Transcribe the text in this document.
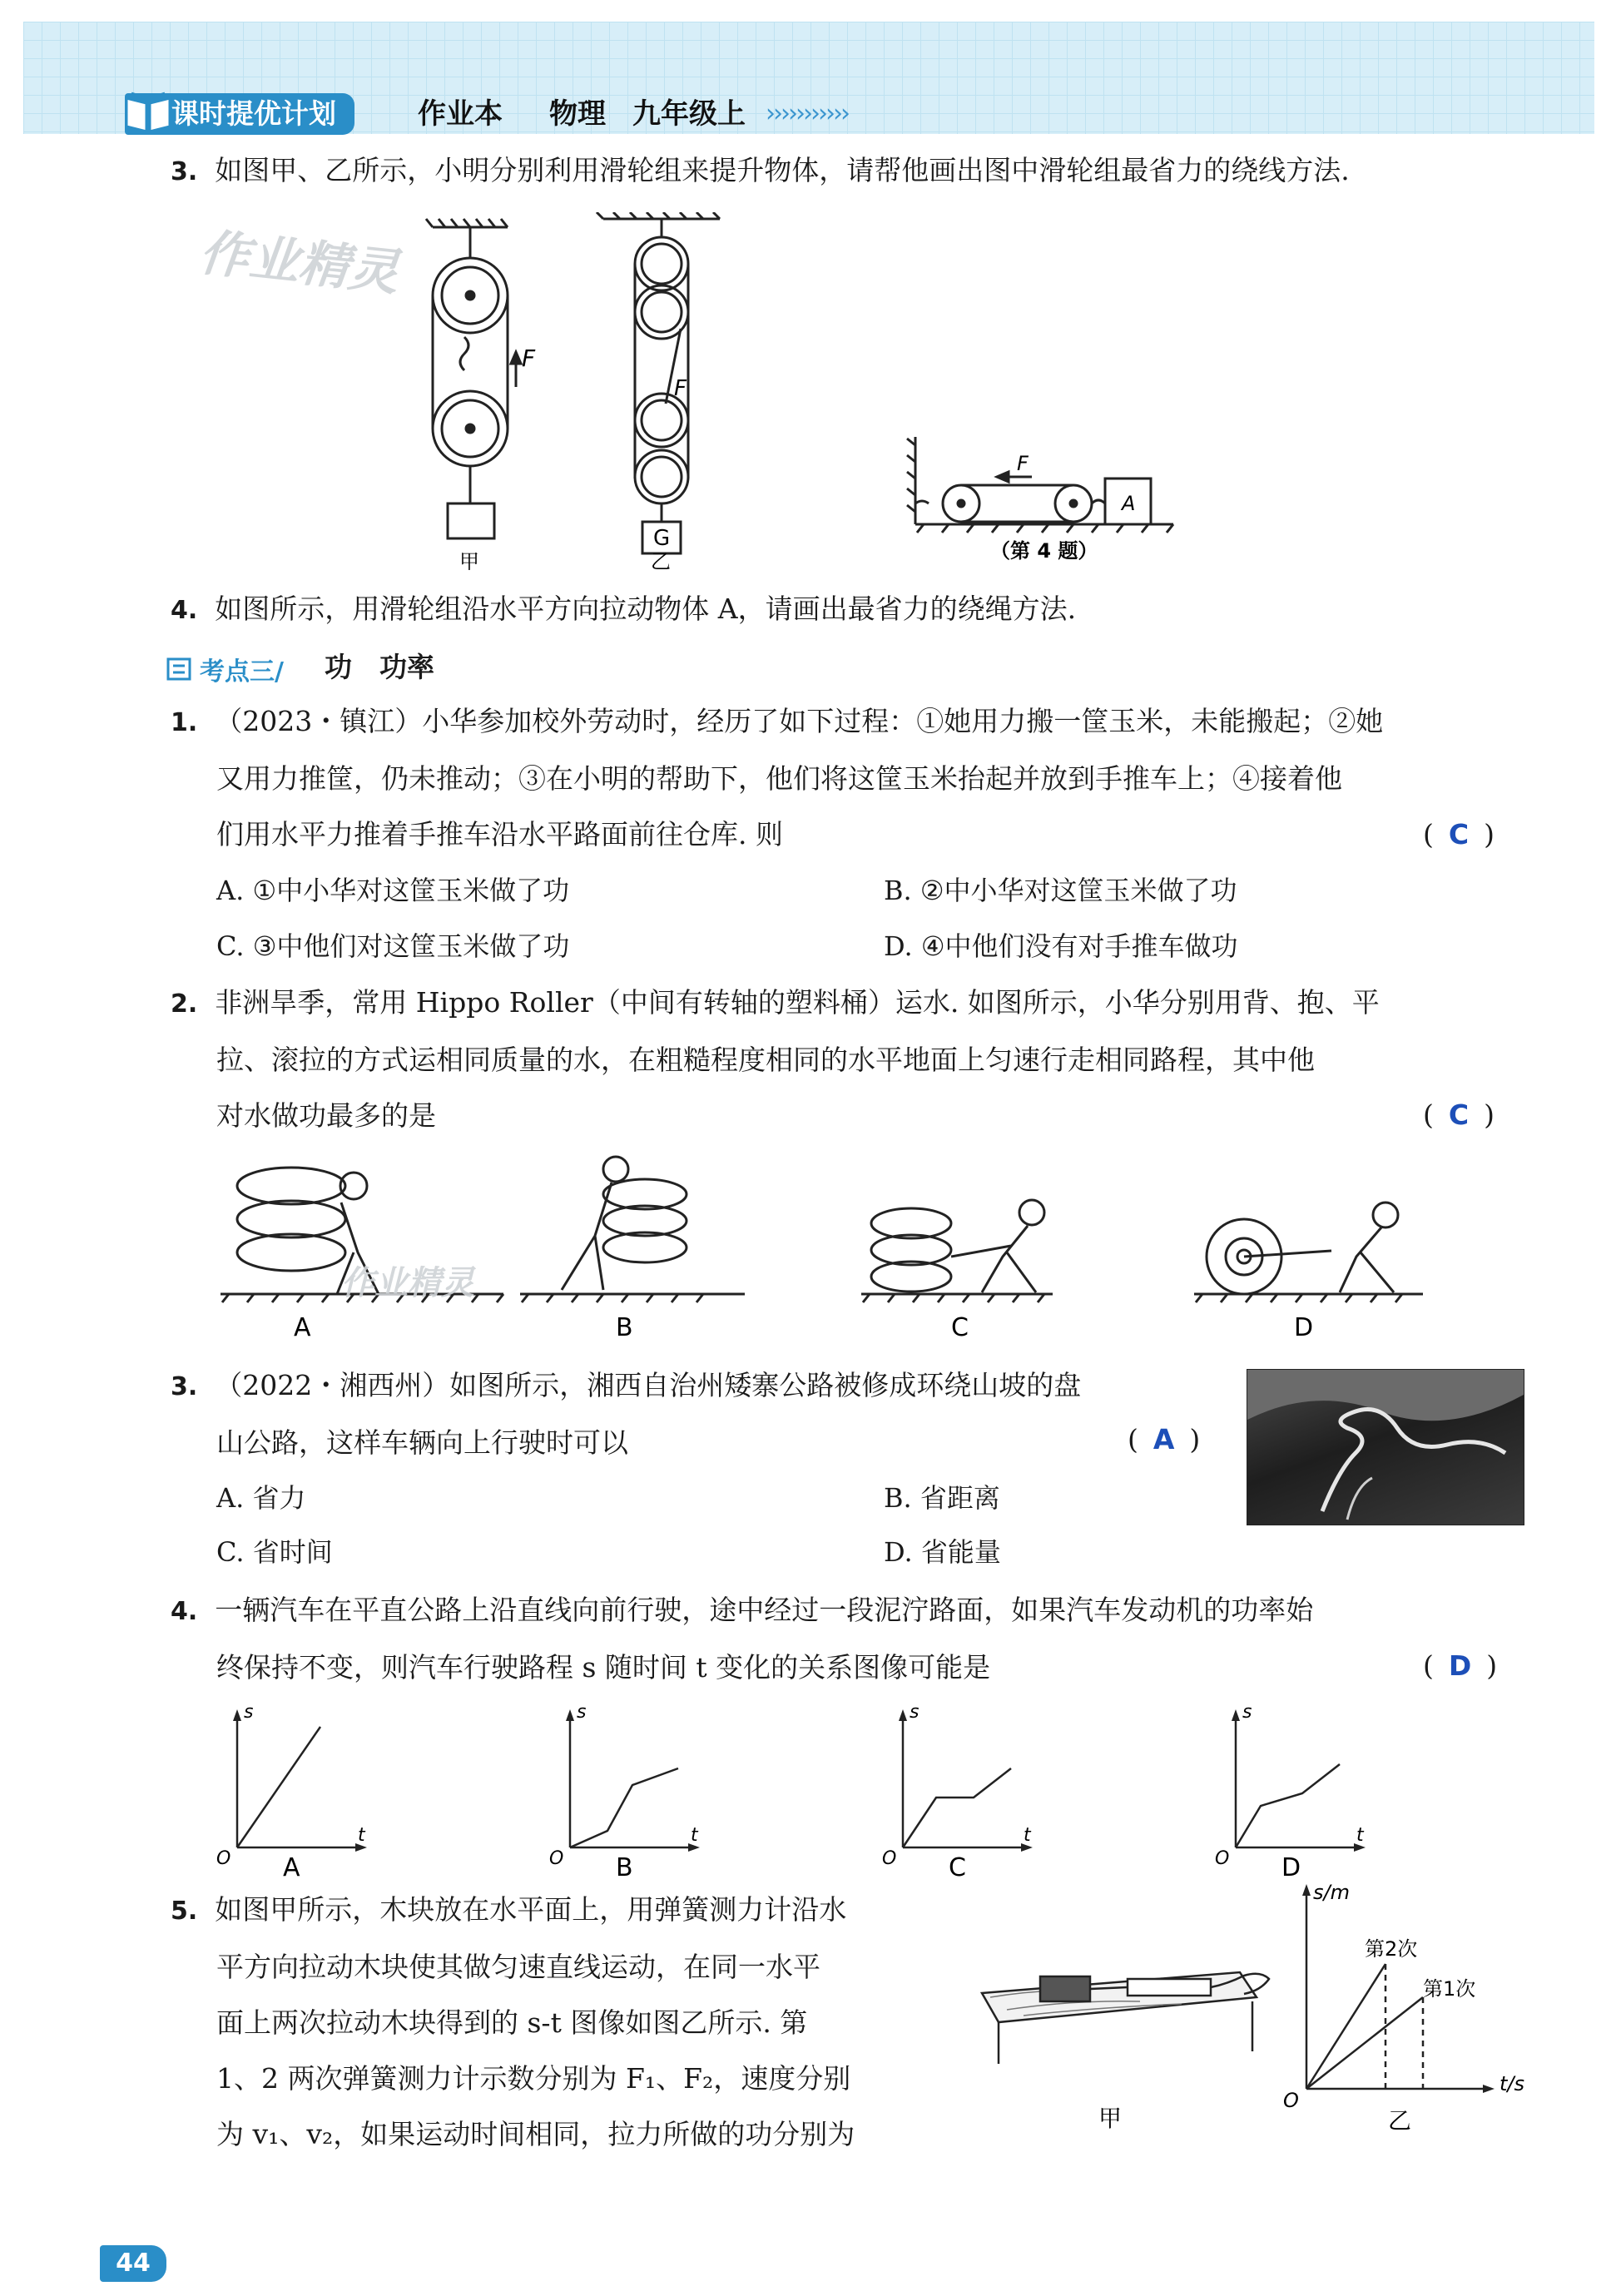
课时提优计划	作业本 物理 九年级上 ›››››››››››
3. 如图甲、乙所示，小明分别利用滑轮组来提升物体，请帮他画出图中滑轮组最省力的绕线方法.
作业精灵
F
甲
F
G
乙
F
A
（第 4 题）
4. 如图所示，用滑轮组沿水平方向拉动物体 A，请画出最省力的绕绳方法.
考点三/ 功　功率
1. （2023・镇江）小华参加校外劳动时，经历了如下过程：①她用力搬一筐玉米，未能搬起；②她
又用力推筐，仍未推动；③在小明的帮助下，他们将这筐玉米抬起并放到手推车上；④接着他
们用水平力推着手推车沿水平路面前往仓库. 则	( C )
A. ①中小华对这筐玉米做了功	B. ②中小华对这筐玉米做了功
C. ③中他们对这筐玉米做了功	D. ④中他们没有对手推车做功
2. 非洲旱季，常用 Hippo Roller（中间有转轴的塑料桶）运水. 如图所示，小华分别用背、抱、平
拉、滚拉的方式运相同质量的水，在粗糙程度相同的水平地面上匀速行走相同路程，其中他
对水做功最多的是	( C )
A	B	C	D
作业精灵
3. （2022・湘西州）如图所示，湘西自治州矮寨公路被修成环绕山坡的盘
山公路，这样车辆向上行驶时可以	( A )
A. 省力	B. 省距离
C. 省时间	D. 省能量
4. 一辆汽车在平直公路上沿直线向前行驶，途中经过一段泥泞路面，如果汽车发动机的功率始
终保持不变，则汽车行驶路程 s 随时间 t 变化的关系图像可能是	( D )
s
t
O
s
t
O
s
t
O
s
t
O
A	B	C	D
5. 如图甲所示，木块放在水平面上，用弹簧测力计沿水
平方向拉动木块使其做匀速直线运动，在同一水平
面上两次拉动木块得到的 s-t 图像如图乙所示. 第
1、2 两次弹簧测力计示数分别为 F₁、F₂，速度分别
为 v₁、v₂，如果运动时间相同，拉力所做的功分别为	甲
s/m
t/s
O
第2次
第1次
乙
44
